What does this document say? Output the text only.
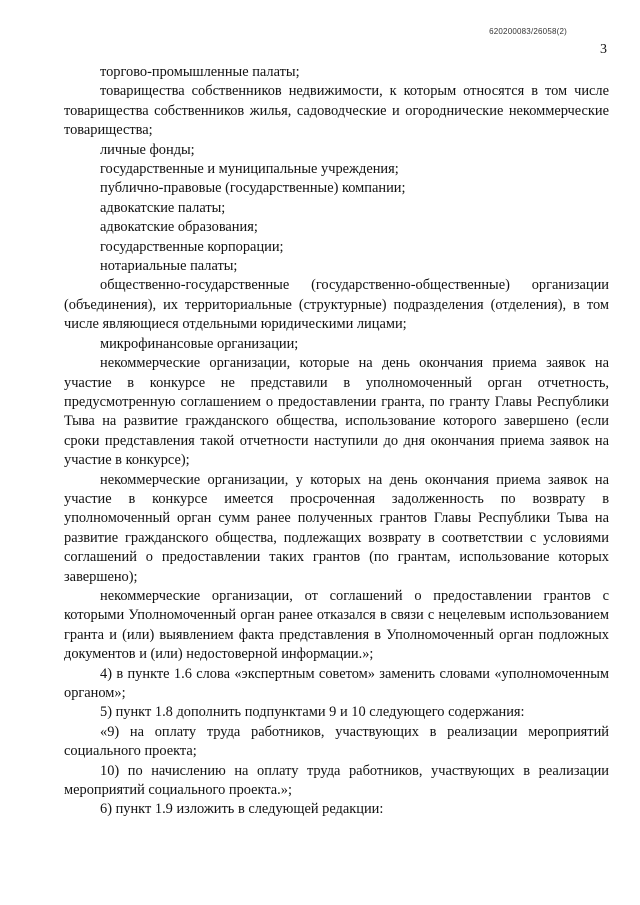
620200083/26058(2)
3

торгово-промышленные палаты;

товарищества собственников недвижимости, к которым относятся в том числе товарищества собственников жилья, садоводческие и огороднические некоммерческие товарищества;

личные фонды;

государственные и муниципальные учреждения;

публично-правовые (государственные) компании;

адвокатские палаты;

адвокатские образования;

государственные корпорации;

нотариальные палаты;

общественно-государственные (государственно-общественные) организации (объединения), их территориальные (структурные) подразделения (отделения), в том числе являющиеся отдельными юридическими лицами;

микрофинансовые организации;

некоммерческие организации, которые на день окончания приема заявок на участие в конкурсе не представили в уполномоченный орган отчетность, предусмотренную соглашением о предоставлении гранта, по гранту Главы Республики Тыва на развитие гражданского общества, использование которого завершено (если сроки представления такой отчетности наступили до дня окончания приема заявок на участие в конкурсе);

некоммерческие организации, у которых на день окончания приема заявок на участие в конкурсе имеется просроченная задолженность по возврату в уполномоченный орган сумм ранее полученных грантов Главы Республики Тыва на развитие гражданского общества, подлежащих возврату в соответствии с условиями соглашений о предоставлении таких грантов (по грантам, использование которых завершено);

некоммерческие организации, от соглашений о предоставлении грантов с которыми Уполномоченный орган ранее отказался в связи с нецелевым использованием гранта и (или) выявлением факта представления в Уполномоченный орган подложных документов и (или) недостоверной информации.»;

4) в пункте 1.6 слова «экспертным советом» заменить словами «уполномоченным органом»;

5) пункт 1.8 дополнить подпунктами 9 и 10 следующего содержания:

«9) на оплату труда работников, участвующих в реализации мероприятий социального проекта;

10) по начислению на оплату труда работников, участвующих в реализации мероприятий социального проекта.»;

6) пункт 1.9 изложить в следующей редакции:
